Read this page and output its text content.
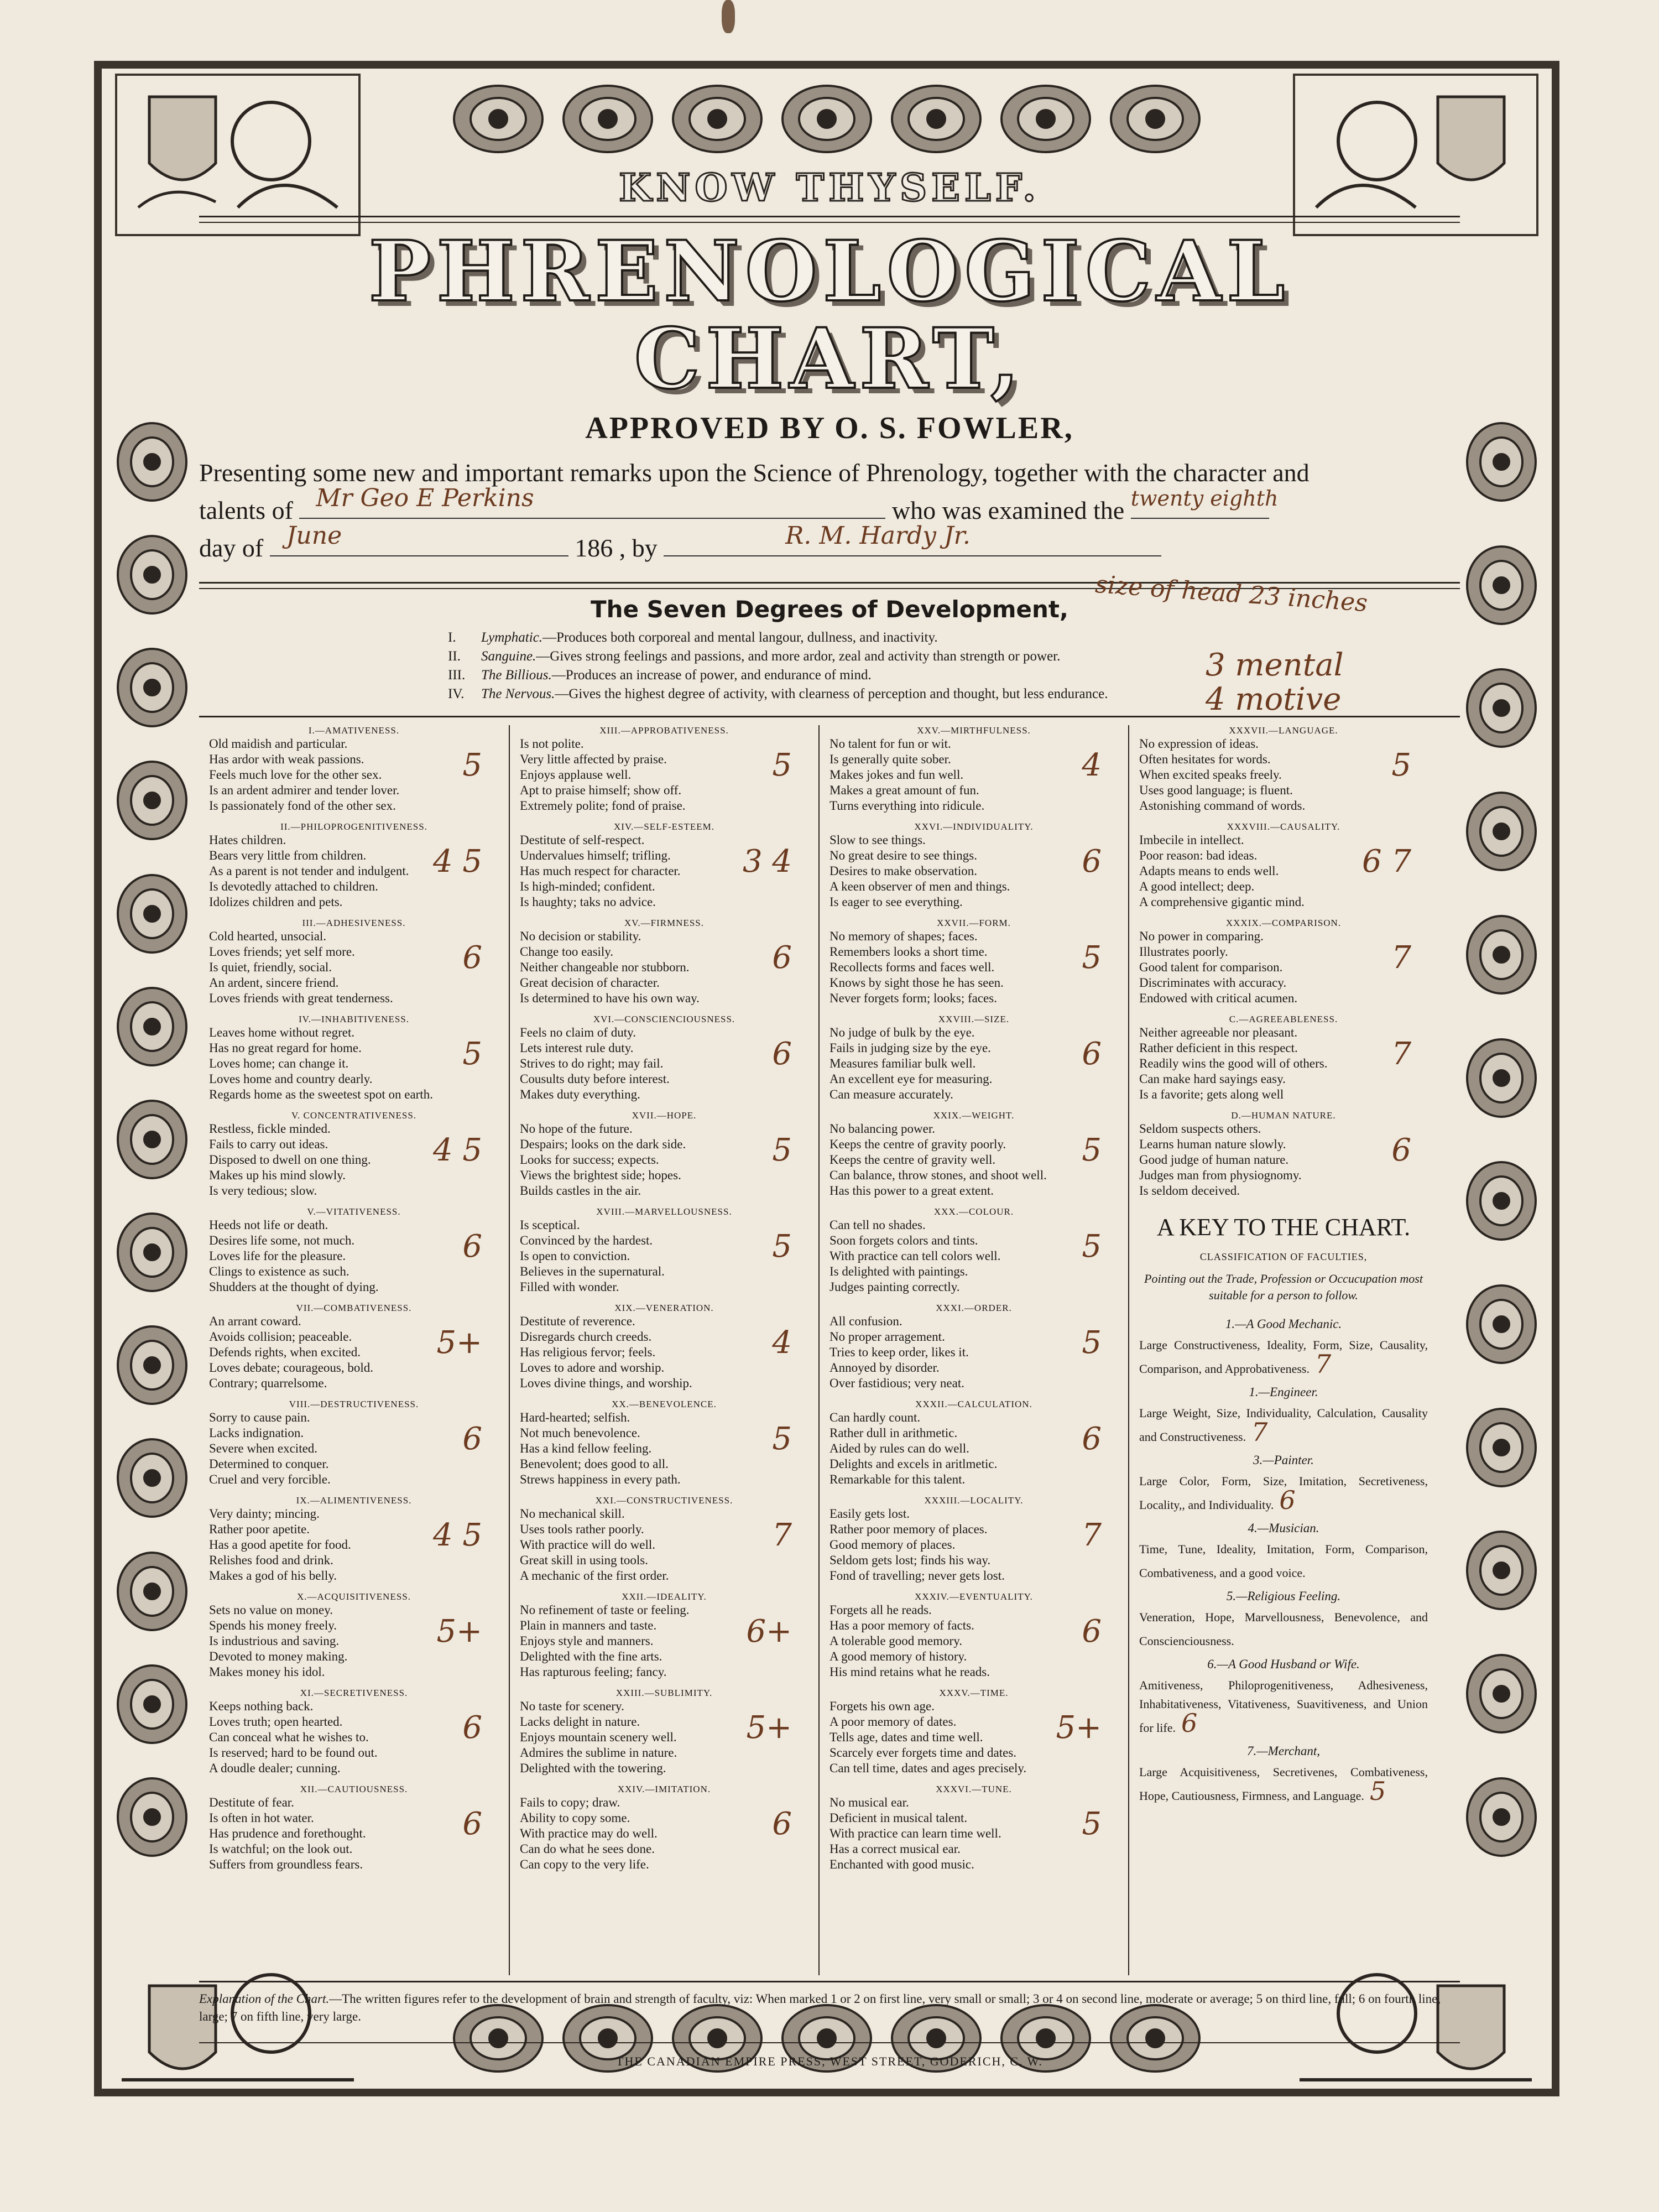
KNOW THYSELF.
PHRENOLOGICAL CHART,
APPROVED BY O. S. FOWLER,
Presenting some new and important remarks upon the Science of Phrenology, together with the character and
talents of Mr Geo E Perkins	who was examined the twenty eighth
day of June	186 , by	R. M. Hardy Jr.
The Seven Degrees of Development,	size of head 23 inches
3 mental
4 motive
I. Lymphatic.—Produces both corporeal and mental langour, dullness, and inactivity.
II. Sanguine.—Gives strong feelings and passions, and more ardor, zeal and activity than strength or power.
III. The Billious.—Produces an increase of power, and endurance of mind.
IV. The Nervous.—Gives the highest degree of activity, with clearness of perception and thought, but less endurance.
I.—AMATIVENESS.
Old maidish and particular.
Has ardor with weak passions.
Feels much love for the other sex.
Is an ardent admirer and tender lover.
Is passionately fond of the other sex.
5
II.—PHILOPROGENITIVENESS.
Hates children.
Bears very little from children.
As a parent is not tender and indulgent.
Is devotedly attached to children.
Idolizes children and pets.
4 5
III.—ADHESIVENESS.
Cold hearted, unsocial.
Loves friends; yet self more.
Is quiet, friendly, social.
An ardent, sincere friend.
Loves friends with great tenderness.
6
IV.—INHABITIVENESS.
Leaves home without regret.
Has no great regard for home.
Loves home; can change it.
Loves home and country dearly.
Regards home as the sweetest spot on earth.
5
V. CONCENTRATIVENESS.
Restless, fickle minded.
Fails to carry out ideas.
Disposed to dwell on one thing.
Makes up his mind slowly.
Is very tedious; slow.
4 5
V.—VITATIVENESS.
Heeds not life or death.
Desires life some, not much.
Loves life for the pleasure.
Clings to existence as such.
Shudders at the thought of dying.
6
VII.—COMBATIVENESS.
An arrant coward.
Avoids collision; peaceable.
Defends rights, when excited.
Loves debate; courageous, bold.
Contrary; quarrelsome.
5+
VIII.—DESTRUCTIVENESS.
Sorry to cause pain.
Lacks indignation.
Severe when excited.
Determined to conquer.
Cruel and very forcible.
6
IX.—ALIMENTIVENESS.
Very dainty; mincing.
Rather poor apetite.
Has a good apetite for food.
Relishes food and drink.
Makes a god of his belly.
4 5
X.—ACQUISITIVENESS.
Sets no value on money.
Spends his money freely.
Is industrious and saving.
Devoted to money making.
Makes money his idol.
5+
XI.—SECRETIVENESS.
Keeps nothing back.
Loves truth; open hearted.
Can conceal what he wishes to.
Is reserved; hard to be found out.
A doudle dealer; cunning.
6
XII.—CAUTIOUSNESS.
Destitute of fear.
Is often in hot water.
Has prudence and forethought.
Is watchful; on the look out.
Suffers from groundless fears.
6
XIII.—APPROBATIVENESS.
Is not polite.
Very little affected by praise.
Enjoys applause well.
Apt to praise himself; show off.
Extremely polite; fond of praise.
5
XIV.—SELF-ESTEEM.
Destitute of self-respect.
Undervalues himself; trifling.
Has much respect for character.
Is high-minded; confident.
Is haughty; taks no advice.
3 4
XV.—FIRMNESS.
No decision or stability.
Change too easily.
Neither changeable nor stubborn.
Great decision of character.
Is determined to have his own way.
6
XVI.—CONSCIENCIOUSNESS.
Feels no claim of duty.
Lets interest rule duty.
Strives to do right; may fail.
Cousults duty before interest.
Makes duty everything.
6
XVII.—HOPE.
No hope of the future.
Despairs; looks on the dark side.
Looks for success; expects.
Views the brightest side; hopes.
Builds castles in the air.
5
XVIII.—MARVELLOUSNESS.
Is sceptical.
Convinced by the hardest.
Is open to conviction.
Believes in the supernatural.
Filled with wonder.
5
XIX.—VENERATION.
Destitute of reverence.
Disregards church creeds.
Has religious fervor; feels.
Loves to adore and worship.
Loves divine things, and worship.
4
XX.—BENEVOLENCE.
Hard-hearted; selfish.
Not much benevolence.
Has a kind fellow feeling.
Benevolent; does good to all.
Strews happiness in every path.
5
XXI.—CONSTRUCTIVENESS.
No mechanical skill.
Uses tools rather poorly.
With practice will do well.
Great skill in using tools.
A mechanic of the first order.
7
XXII.—IDEALITY.
No refinement of taste or feeling.
Plain in manners and taste.
Enjoys style and manners.
Delighted with the fine arts.
Has rapturous feeling; fancy.
6+
XXIII.—SUBLIMITY.
No taste for scenery.
Lacks delight in nature.
Enjoys mountain scenery well.
Admires the sublime in nature.
Delighted with the towering.
5+
XXIV.—IMITATION.
Fails to copy; draw.
Ability to copy some.
With practice may do well.
Can do what he sees done.
Can copy to the very life.
6
XXV.—MIRTHFULNESS.
No talent for fun or wit.
Is generally quite sober.
Makes jokes and fun well.
Makes a great amount of fun.
Turns everything into ridicule.
4
XXVI.—INDIVIDUALITY.
Slow to see things.
No great desire to see things.
Desires to make observation.
A keen observer of men and things.
Is eager to see everything.
6
XXVII.—FORM.
No memory of shapes; faces.
Remembers looks a short time.
Recollects forms and faces well.
Knows by sight those he has seen.
Never forgets form; looks; faces.
5
XXVIII.—SIZE.
No judge of bulk by the eye.
Fails in judging size by the eye.
Measures familiar bulk well.
An excellent eye for measuring.
Can measure accurately.
6
XXIX.—WEIGHT.
No balancing power.
Keeps the centre of gravity poorly.
Keeps the centre of gravity well.
Can balance, throw stones, and shoot well.
Has this power to a great extent.
5
XXX.—COLOUR.
Can tell no shades.
Soon forgets colors and tints.
With practice can tell colors well.
Is delighted with paintings.
Judges painting correctly.
5
XXXI.—ORDER.
All confusion.
No proper arragement.
Tries to keep order, likes it.
Annoyed by disorder.
Over fastidious; very neat.
5
XXXII.—CALCULATION.
Can hardly count.
Rather dull in arithmetic.
Aided by rules can do well.
Delights and excels in aritlmetic.
Remarkable for this talent.
6
XXXIII.—LOCALITY.
Easily gets lost.
Rather poor memory of places.
Good memory of places.
Seldom gets lost; finds his way.
Fond of travelling; never gets lost.
7
XXXIV.—EVENTUALITY.
Forgets all he reads.
Has a poor memory of facts.
A tolerable good memory.
A good memory of history.
His mind retains what he reads.
6
XXXV.—TIME.
Forgets his own age.
A poor memory of dates.
Tells age, dates and time well.
Scarcely ever forgets time and dates.
Can tell time, dates and ages precisely.
5+
XXXVI.—TUNE.
No musical ear.
Deficient in musical talent.
With practice can learn time well.
Has a correct musical ear.
Enchanted with good music.
5
XXXVII.—LANGUAGE.
No expression of ideas.
Often hesitates for words.
When excited speaks freely.
Uses good language; is fluent.
Astonishing command of words.
5
XXXVIII.—CAUSALITY.
Imbecile in intellect.
Poor reason: bad ideas.
Adapts means to ends well.
A good intellect; deep.
A comprehensive gigantic mind.
6 7
XXXIX.—COMPARISON.
No power in comparing.
Illustrates poorly.
Good talent for comparison.
Discriminates with accuracy.
Endowed with critical acumen.
7
C.—AGREEABLENESS.
Neither agreeable nor pleasant.
Rather deficient in this respect.
Readily wins the good will of others.
Can make hard sayings easy.
Is a favorite; gets along well
7
D.—HUMAN NATURE.
Seldom suspects others.
Learns human nature slowly.
Good judge of human nature.
Judges man from physiognomy.
Is seldom deceived.
6
A KEY TO THE CHART.
CLASSIFICATION OF FACULTIES,
Pointing out the Trade, Profession or Occucupation most suitable for a person to follow.
1.—A Good Mechanic.
Large Constructiveness, Ideality, Form, Size, Causality, Comparison, and Approbativeness. 7
1.—Engineer.
Large Weight, Size, Individuality, Calculation, Causality and Constructiveness. 7
3.—Painter.
Large Color, Form, Size, Imitation, Secretiveness, Locality,, and Individuality. 6
4.—Musician.
Time, Tune, Ideality, Imitation, Form, Comparison, Combativeness, and a good voice.
5.—Religious Feeling.
Veneration, Hope, Marvellousness, Benevolence, and Conscienciousness.
6.—A Good Husband or Wife.
Amitiveness, Philoprogenitiveness, Adhesiveness, Inhabitativeness, Vitativeness, Suavitiveness, and Union for life. 6
7.—Merchant,
Large Acquisitiveness, Secretivenes, Combativeness, Hope, Cautiousness, Firmness, and Language. 5
Explanation of the Chart.—The written figures refer to the development of brain and strength of faculty, viz: When marked 1 or 2 on first line, very small or small; 3 or 4 on second line, moderate or average; 5 on third line, full; 6 on fourth line, large; 7 on fifth line, very large.
THE CANADIAN EMPIRE PRESS, WEST STREET, GODERICH, C. W.
